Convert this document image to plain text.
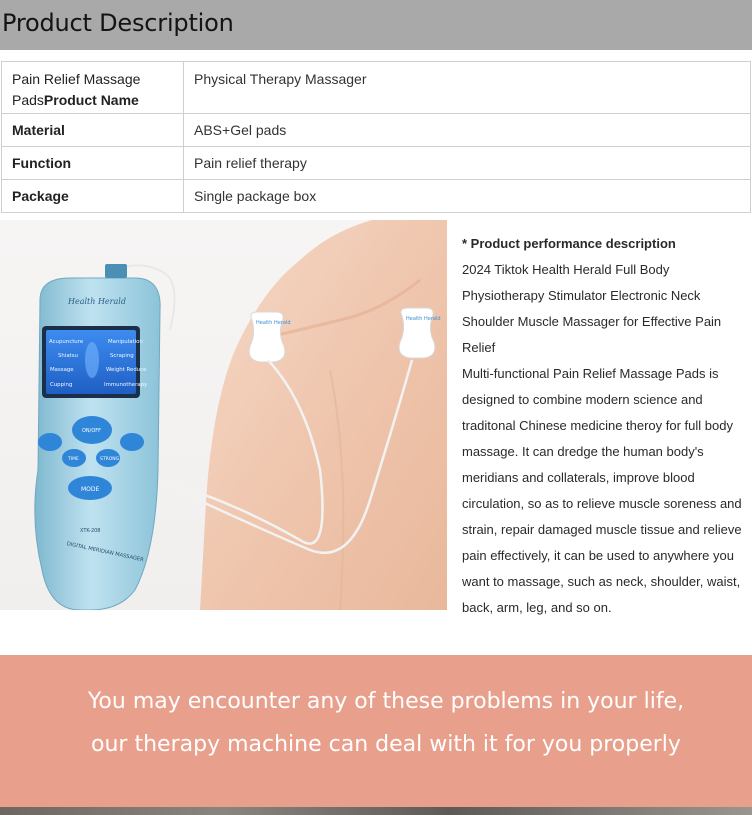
Product Description
Pain Relief Massage PadsProduct Name	Physical Therapy Massager
Material	ABS+Gel pads
Function	Pain relief therapy
Package	Single package box
Health Herald
Health Herald
Health Herald
Acupuncture	Manipulation
Shiatsu	Scraping
Massage	Weight Reduce
Cupping	Immunotherapy
ON/OFF
TIME	STRONG
MODE
XTK-208
DIGITAL MERIDIAN MASSAGER
* Product performance description
2024 Tiktok Health Herald Full Body Physiotherapy Stimulator Electronic Neck Shoulder Muscle Massager for Effective Pain Relief
Multi-functional Pain Relief Massage Pads is designed to combine modern science and traditonal Chinese medicine theroy for full body massage. It can dredge the human body's meridians and collaterals, improve blood circulation, so as to relieve muscle soreness and strain, repair damaged muscle tissue and relieve pain effectively, it can be used to anywhere you want to massage, such as neck, shoulder, waist, back, arm, leg, and so on.
You may encounter any of these problems in your life,
our therapy machine can deal with it for you properly
